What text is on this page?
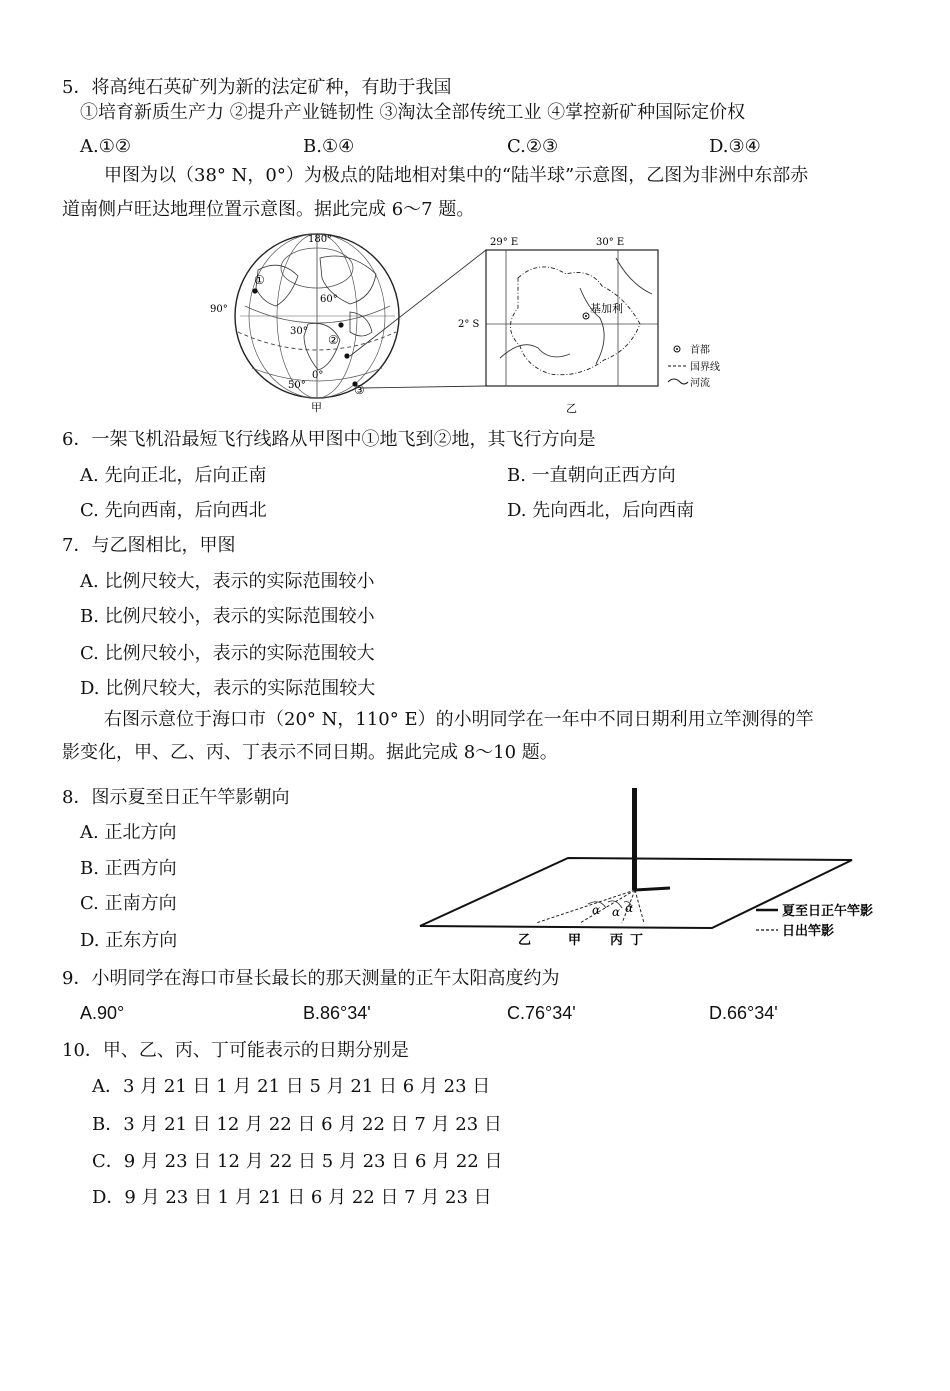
5．将高纯石英矿列为新的法定矿种，有助于我国
①培育新质生产力 ②提升产业链韧性 ③淘汰全部传统工业 ④掌控新矿种国际定价权
A.①②	B.①④	C.②③	D.③④
甲图为以（38° N，0°）为极点的陆地相对集中的“陆半球”示意图，乙图为非洲中东部赤
道南侧卢旺达地理位置示意图。据此完成 6～7 题。
180°
90°
60°
30°
0°
50°
①
②
③
甲
29° E	30° E
2° S
基加利
乙
首都
国界线
河流
6．一架飞机沿最短飞行线路从甲图中①地飞到②地，其飞行方向是
A. 先向正北，后向正南	B. 一直朝向正西方向
C. 先向西南，后向西北	D. 先向西北，后向西南
7．与乙图相比，甲图
A. 比例尺较大，表示的实际范围较小
B. 比例尺较小，表示的实际范围较小
C. 比例尺较小，表示的实际范围较大
D. 比例尺较大，表示的实际范围较大
右图示意位于海口市（20° N，110° E）的小明同学在一年中不同日期利用立竿测得的竿
影变化，甲、乙、丙、丁表示不同日期。据此完成 8～10 题。
8．图示夏至日正午竿影朝向
A. 正北方向
B. 正西方向
C. 正南方向
D. 正东方向
α α α
乙	甲 丙 丁
夏至日正午竿影
日出竿影
9．小明同学在海口市昼长最长的那天测量的正午太阳高度约为
A.90°	B.86°34'	C.76°34'	D.66°34'
10．甲、乙、丙、丁可能表示的日期分别是
A．3 月 21 日 1 月 21 日 5 月 21 日 6 月 23 日
B．3 月 21 日 12 月 22 日 6 月 22 日 7 月 23 日
C．9 月 23 日 12 月 22 日 5 月 23 日 6 月 22 日
D．9 月 23 日 1 月 21 日 6 月 22 日 7 月 23 日
